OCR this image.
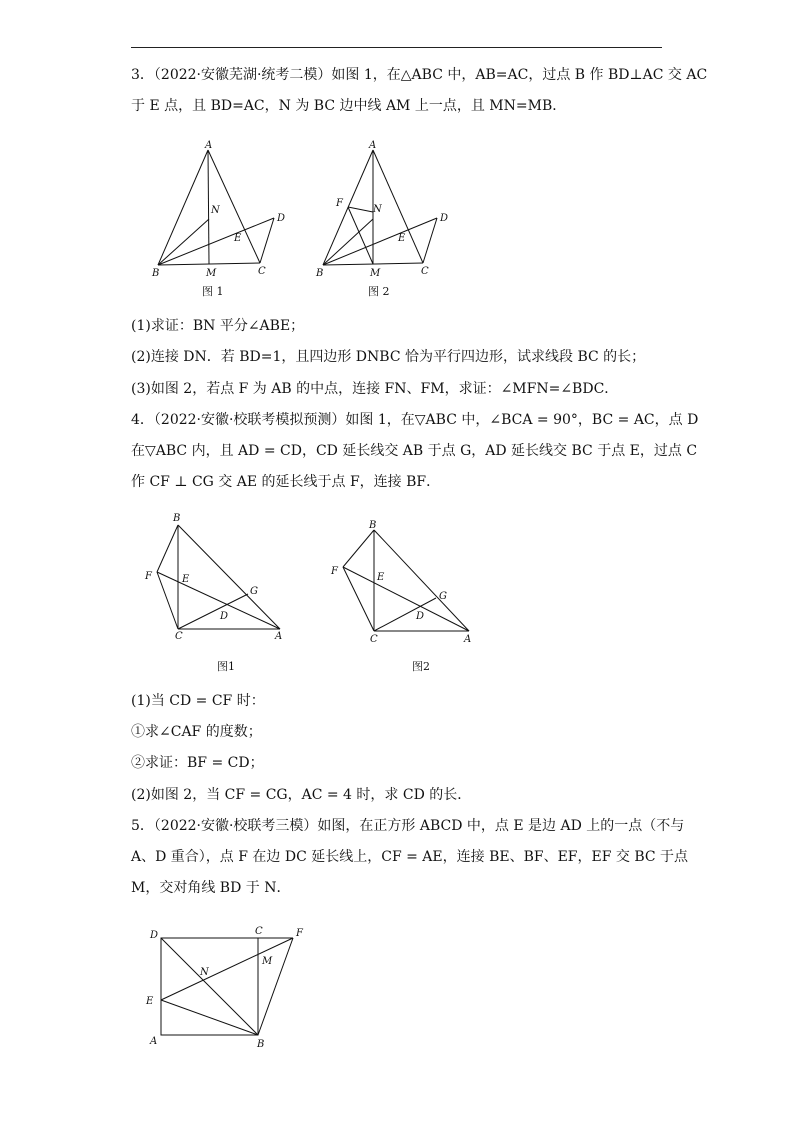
3．（2022·安徽芜湖·统考二模）如图 1，在△ABC 中，AB=AC，过点 B 作 BD⊥AC 交 AC
于 E 点，且 BD=AC，N 为 BC 边中线 AM 上一点，且 MN=MB．
A
N
D
E
B	M	C
图 1
A
F
N
D
E
B	M	C
图 2
(1)求证：BN 平分∠ABE；
(2)连接 DN．若 BD=1，且四边形 DNBC 恰为平行四边形，试求线段 BC 的长；
(3)如图 2，若点 F 为 AB 的中点，连接 FN、FM，求证：∠MFN=∠BDC．
4．（2022·安徽·校联考模拟预测）如图 1，在▽ABC 中，∠BCA = 90°，BC = AC，点 D
在▽ABC 内，且 AD = CD，CD 延长线交 AB 于点 G，AD 延长线交 BC 于点 E，过点 C
作 CF ⊥ CG 交 AE 的延长线于点 F，连接 BF．
B
F	E
G
D
C	A
图1
B
F
E
G
D
C	A
图2
(1)当 CD = CF 时：
①求∠CAF 的度数；
②求证：BF = CD；
(2)如图 2，当 CF = CG，AC = 4 时，求 CD 的长．
5．（2022·安徽·校联考三模）如图，在正方形 ABCD 中，点 E 是边 AD 上的一点（不与
A、D 重合），点 F 在边 DC 延长线上，CF = AE，连接 BE、BF、EF，EF 交 BC 于点
M，交对角线 BD 于 N．
D	C	F
N
M
E
A	B
